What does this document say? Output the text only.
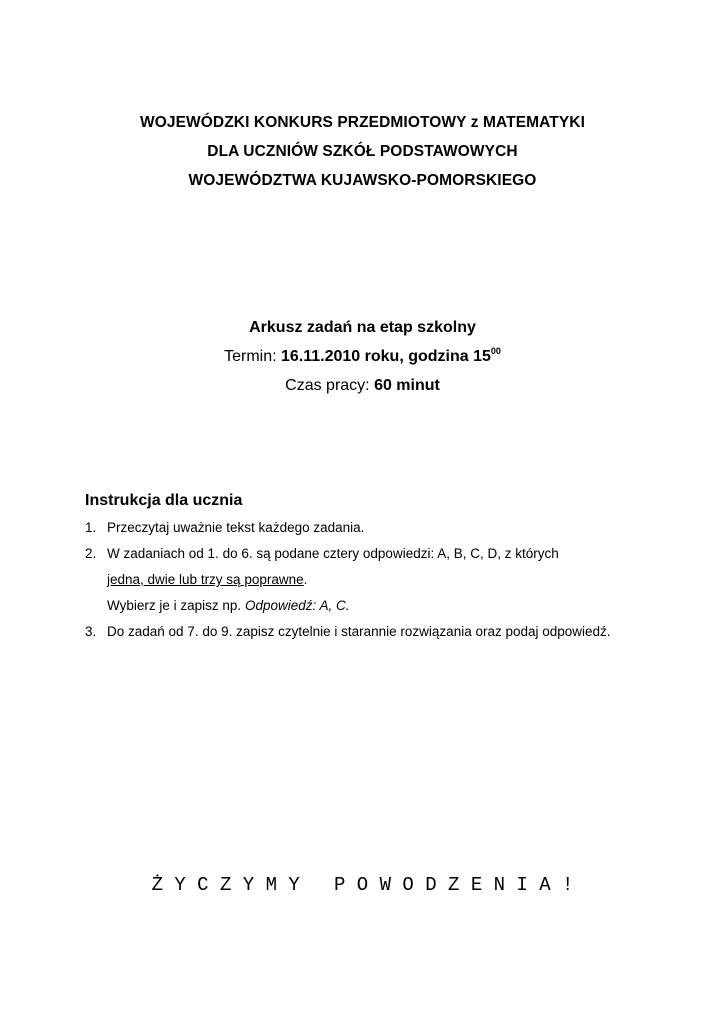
WOJEWÓDZKI KONKURS PRZEDMIOTOWY z MATEMATYKI
DLA UCZNIÓW SZKÓŁ PODSTAWOWYCH
WOJEWÓDZTWA KUJAWSKO-POMORSKIEGO
Arkusz zadań na etap szkolny
Termin: 16.11.2010 roku, godzina $15^{00}$
Czas pracy: 60 minut
Instrukcja dla ucznia
1. Przeczytaj uważnie tekst każdego zadania.
2. W zadaniach od 1. do 6. są podane cztery odpowiedzi: A, B, C, D, z których
jedna, dwie lub trzy są poprawne.
Wybierz je i zapisz np. Odpowiedź: A, C.
3. Do zadań od 7. do 9. zapisz czytelnie i starannie rozwiązania oraz podaj odpowiedź.
Ż Y C Z Y M Y   P O W O D Z E N I A !
